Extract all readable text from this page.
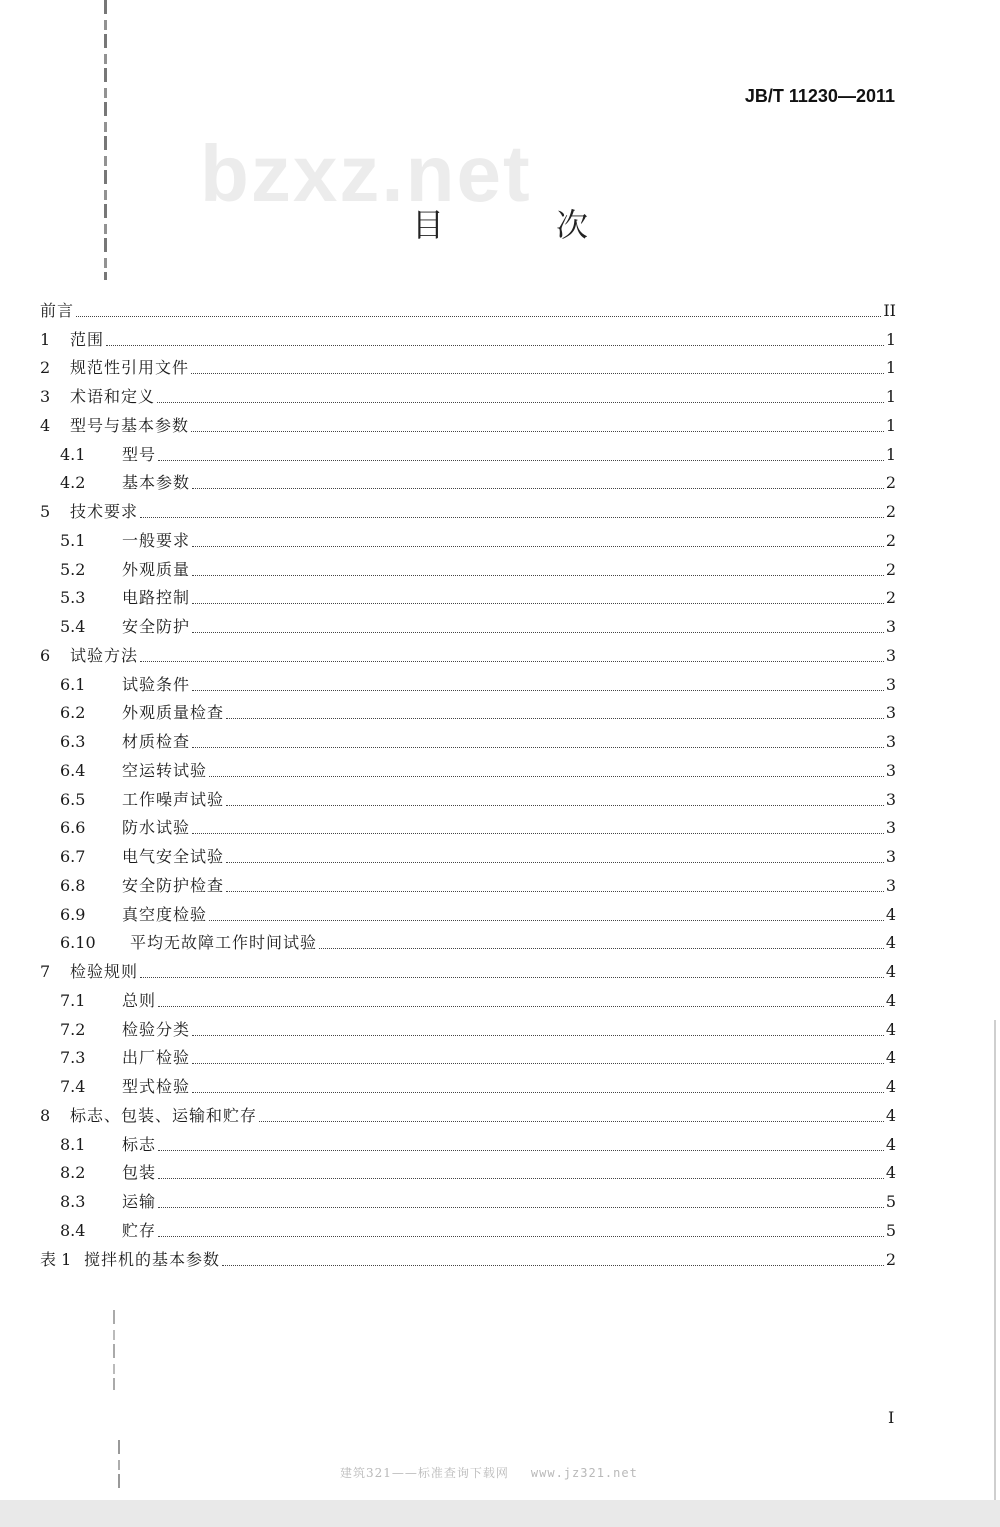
JB/T 11230—2011
bzxz.net
目　次
前言	II
1	范围	1
2	规范性引用文件	1
3	术语和定义	1
4	型号与基本参数	1
4.1	型号	1
4.2	基本参数	2
5	技术要求	2
5.1	一般要求	2
5.2	外观质量	2
5.3	电路控制	2
5.4	安全防护	3
6	试验方法	3
6.1	试验条件	3
6.2	外观质量检查	3
6.3	材质检查	3
6.4	空运转试验	3
6.5	工作噪声试验	3
6.6	防水试验	3
6.7	电气安全试验	3
6.8	安全防护检查	3
6.9	真空度检验	4
6.10	平均无故障工作时间试验	4
7	检验规则	4
7.1	总则	4
7.2	检验分类	4
7.3	出厂检验	4
7.4	型式检验	4
8	标志、包装、运输和贮存	4
8.1	标志	4
8.2	包装	4
8.3	运输	5
8.4	贮存	5
表 1 搅拌机的基本参数	2
I
建筑321——标准查询下载网 www.jz321.net
